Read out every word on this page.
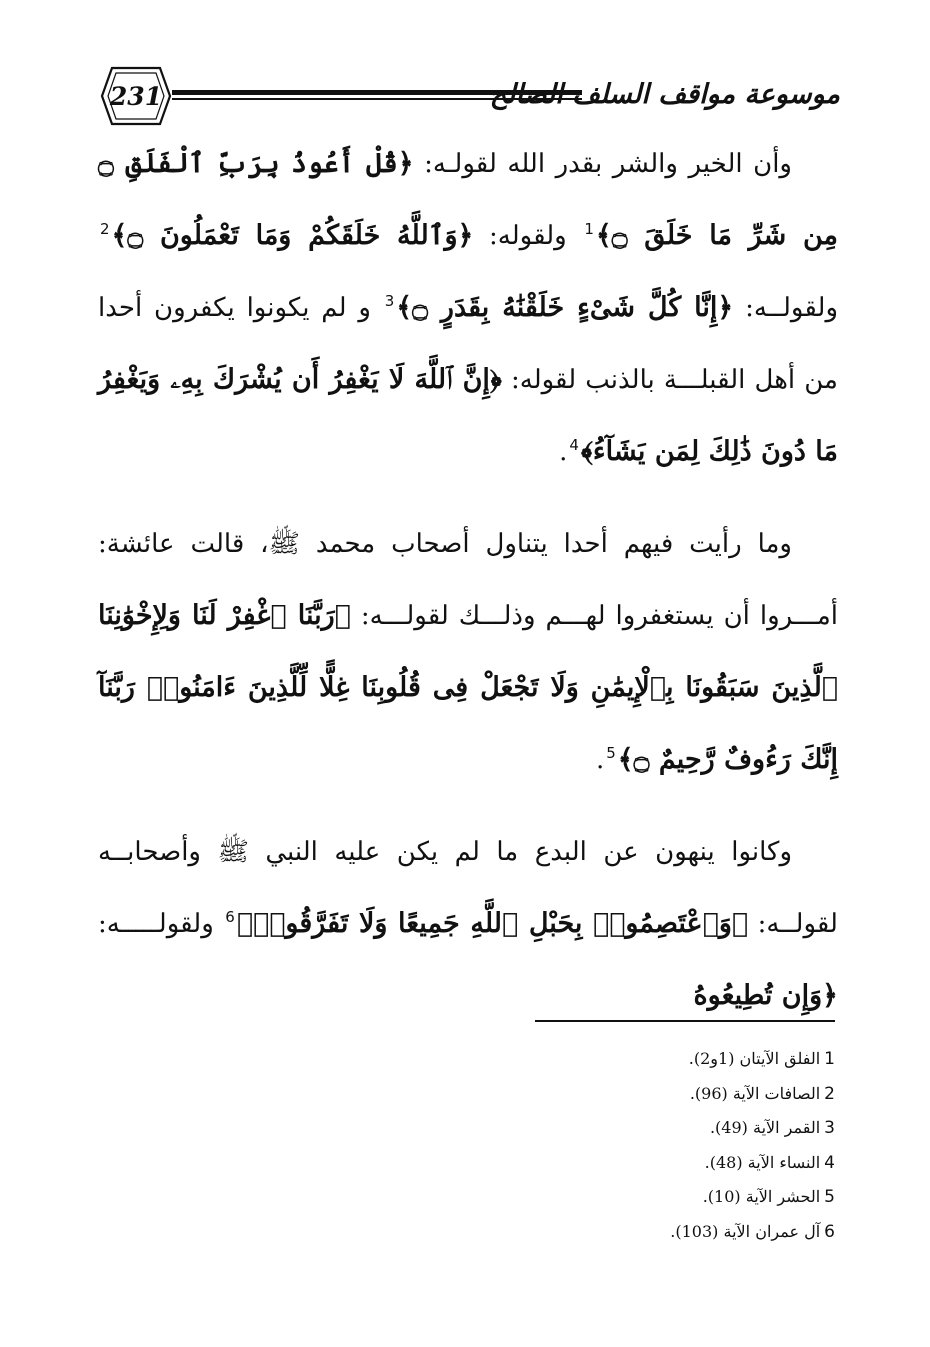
231	موسوعة مواقف السلف الصالح

وأن الخير والشر بقدر الله لقولـه: ﴿قُلْ أَعُوذُ بِرَبِّ ٱلْفَلَقِ ۝ مِن شَرِّ مَا خَلَقَ ۝﴾$^1$ ولقوله: ﴿وَٱللَّهُ خَلَقَكُمْ وَمَا تَعْمَلُونَ ۝﴾$^2$ ولقولــه: ﴿إِنَّا كُلَّ شَىْءٍ خَلَقْنَٰهُ بِقَدَرٍ ۝﴾$^3$ و لم يكونوا يكفرون أحدا من أهل القبلـــة بالذنب لقوله: ﴿إِنَّ ٱللَّهَ لَا يَغْفِرُ أَن يُشْرَكَ بِهِۦ وَيَغْفِرُ مَا دُونَ ذَٰلِكَ لِمَن يَشَآءُ﴾$^4$.

وما رأيت فيهم أحدا يتناول أصحاب محمد ﷺ، قالت عائشة: أمـــروا أن يستغفروا لهـــم وذلـــك لقولـــه: ﴿رَبَّنَا ٱغْفِرْ لَنَا وَلِإِخْوَٰنِنَا ٱلَّذِينَ سَبَقُونَا بِٱلْإِيمَٰنِ وَلَا تَجْعَلْ فِى قُلُوبِنَا غِلًّا لِّلَّذِينَ ءَامَنُوا۟ رَبَّنَآ إِنَّكَ رَءُوفٌ رَّحِيمٌ ۝﴾$^5$.

وكانوا ينهون عن البدع ما لم يكن عليه النبي ﷺ وأصحابــه لقولــه: ﴿وَٱعْتَصِمُوا۟ بِحَبْلِ ٱللَّهِ جَمِيعًا وَلَا تَفَرَّقُوا۟﴾$^6$ ولقولـــــه: ﴿وَإِن تُطِيعُوهُ

1الفلق الآيتان (1و2).
2الصافات الآية (96).
3القمر الآية (49).
4النساء الآية (48).
5الحشر الآية (10).
6آل عمران الآية (103).
